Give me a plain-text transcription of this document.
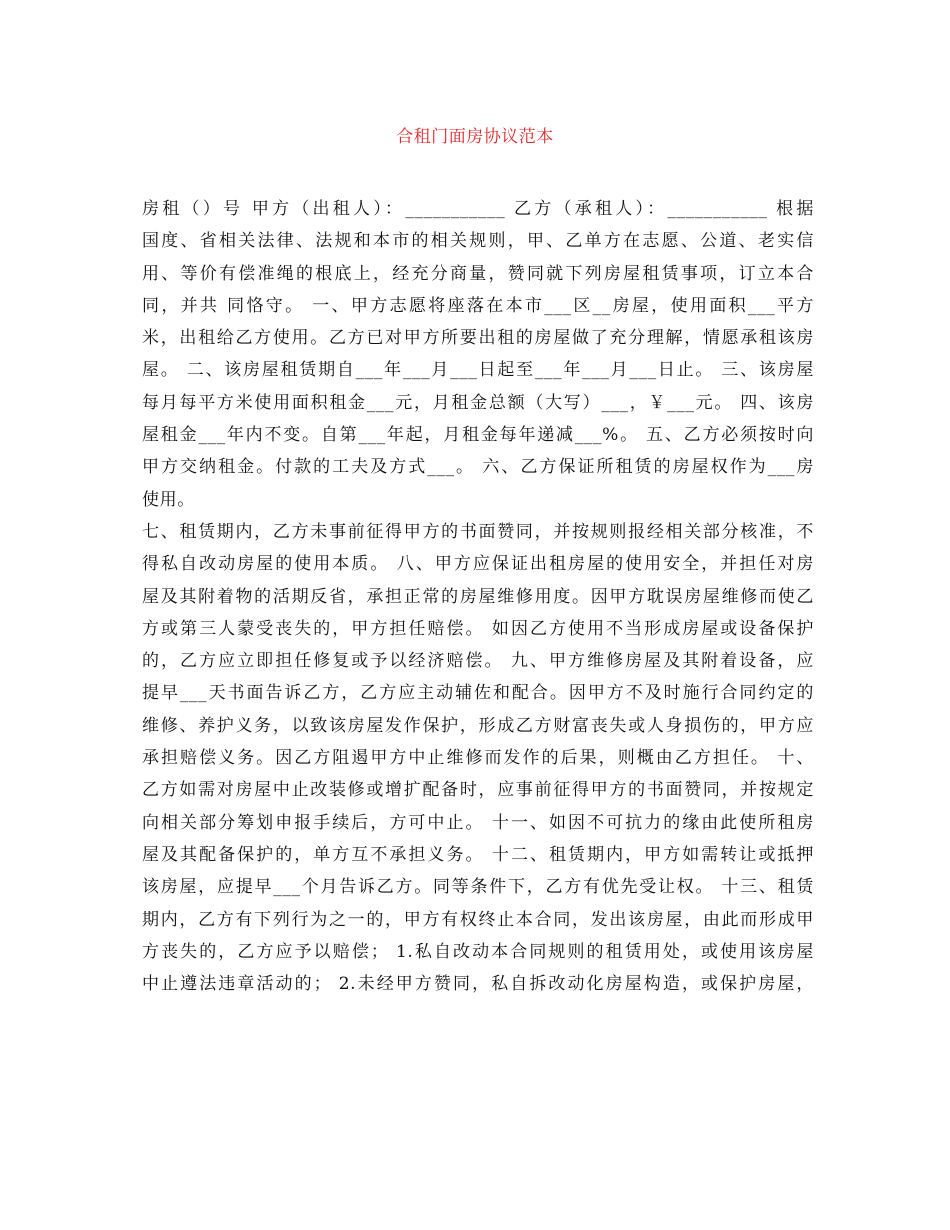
合租门面房协议范本
房租（）号 甲方（出租人）：___________ 乙方（承租人）：___________ 根据
国度、省相关法律、法规和本市的相关规则，甲、乙单方在志愿、公道、老实信
用、等价有偿准绳的根底上，经充分商量，赞同就下列房屋租赁事项，订立本合
同，并共 同恪守。 一、甲方志愿将座落在本市___区__房屋，使用面积___平方
米，出租给乙方使用。乙方已对甲方所要出租的房屋做了充分理解，情愿承租该房
屋。 二、该房屋租赁期自___年___月___日起至___年___月___日止。 三、该房屋
每月每平方米使用面积租金___元，月租金总额（大写）___，￥___元。 四、该房
屋租金___年内不变。自第___年起，月租金每年递减___%。 五、乙方必须按时向
甲方交纳租金。付款的工夫及方式___。 六、乙方保证所租赁的房屋权作为___房
使用。
七、租赁期内，乙方未事前征得甲方的书面赞同，并按规则报经相关部分核准，不
得私自改动房屋的使用本质。 八、甲方应保证出租房屋的使用安全，并担任对房
屋及其附着物的活期反省，承担正常的房屋维修用度。因甲方耽误房屋维修而使乙
方或第三人蒙受丧失的，甲方担任赔偿。 如因乙方使用不当形成房屋或设备保护
的，乙方应立即担任修复或予以经济赔偿。 九、甲方维修房屋及其附着设备，应
提早___天书面告诉乙方，乙方应主动辅佐和配合。因甲方不及时施行合同约定的
维修、养护义务，以致该房屋发作保护，形成乙方财富丧失或人身损伤的，甲方应
承担赔偿义务。因乙方阻遏甲方中止维修而发作的后果，则概由乙方担任。 十、
乙方如需对房屋中止改装修或增扩配备时，应事前征得甲方的书面赞同，并按规定
向相关部分筹划申报手续后，方可中止。 十一、如因不可抗力的缘由此使所租房
屋及其配备保护的，单方互不承担义务。 十二、租赁期内，甲方如需转让或抵押
该房屋，应提早___个月告诉乙方。同等条件下，乙方有优先受让权。 十三、租赁
期内，乙方有下列行为之一的，甲方有权终止本合同，发出该房屋，由此而形成甲
方丧失的，乙方应予以赔偿； 1.私自改动本合同规则的租赁用处，或使用该房屋
中止遵法违章活动的； 2.未经甲方赞同，私自拆改动化房屋构造，或保护房屋，
